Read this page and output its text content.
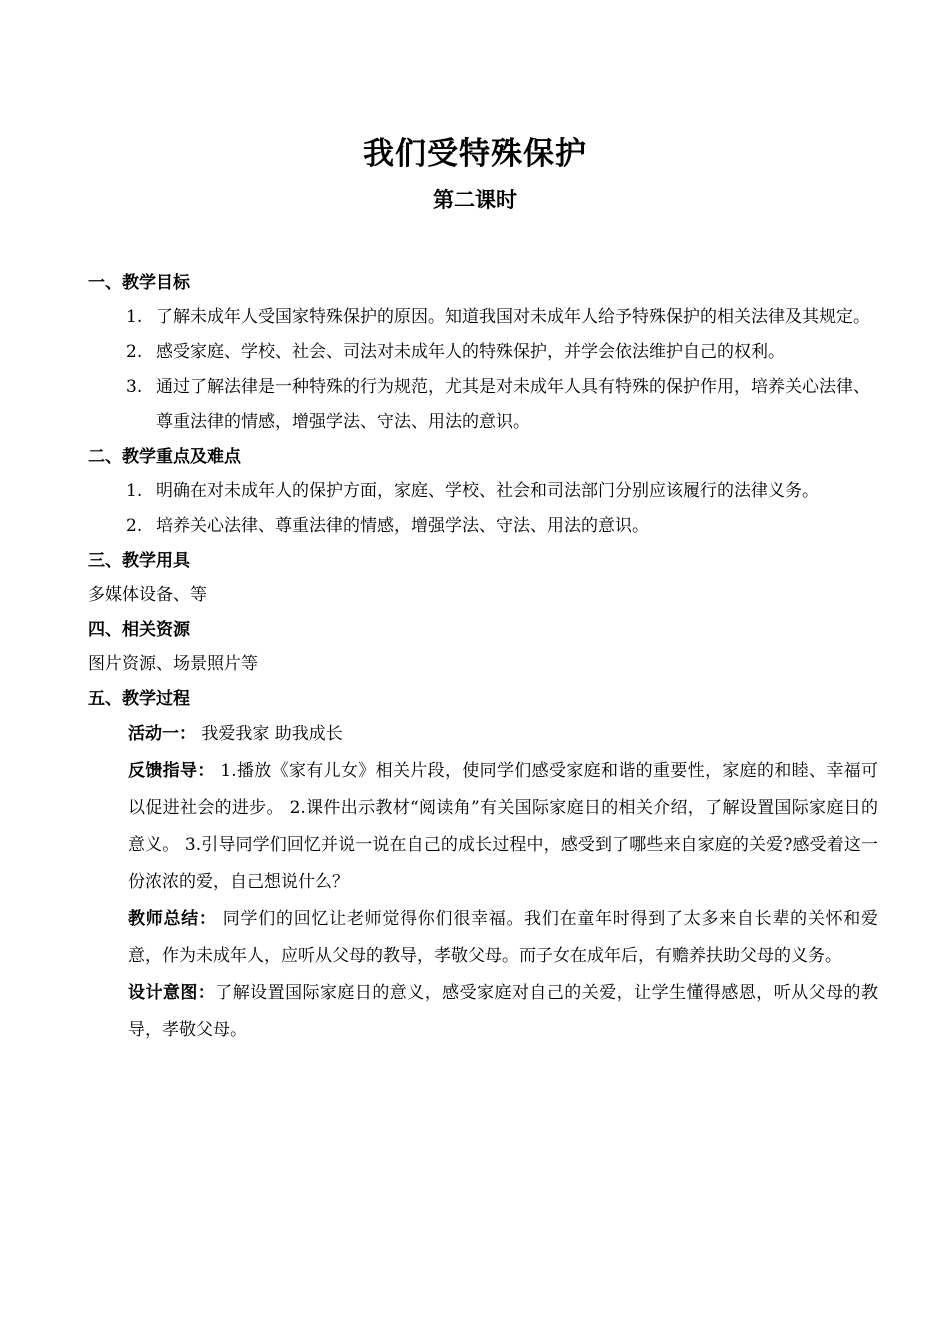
我们受特殊保护
第二课时
一、教学目标
1. 了解未成年人受国家特殊保护的原因。知道我国对未成年人给予特殊保护的相关法律及其规定。
2. 感受家庭、学校、社会、司法对未成年人的特殊保护，并学会依法维护自己的权利。
3. 通过了解法律是一种特殊的行为规范，尤其是对未成年人具有特殊的保护作用，培养关心法律、尊重法律的情感，增强学法、守法、用法的意识。
二、教学重点及难点
1. 明确在对未成年人的保护方面，家庭、学校、社会和司法部门分别应该履行的法律义务。
2. 培养关心法律、尊重法律的情感，增强学法、守法、用法的意识。
三、教学用具
多媒体设备、等
四、相关资源
图片资源、场景照片等
五、教学过程
活动一： 我爱我家 助我成长
反馈指导： 1.播放《家有儿女》相关片段，使同学们感受家庭和谐的重要性，家庭的和睦、幸福可以促进社会的进步。 2.课件出示教材“阅读角”有关国际家庭日的相关介绍，了解设置国际家庭日的意义。 3.引导同学们回忆并说一说在自己的成长过程中，感受到了哪些来自家庭的关爱?感受着这一份浓浓的爱，自己想说什么？
教师总结： 同学们的回忆让老师觉得你们很幸福。我们在童年时得到了太多来自长辈的关怀和爱意，作为未成年人，应听从父母的教导，孝敬父母。而子女在成年后，有赡养扶助父母的义务。
设计意图：了解设置国际家庭日的意义，感受家庭对自己的关爱，让学生懂得感恩，听从父母的教导，孝敬父母。
